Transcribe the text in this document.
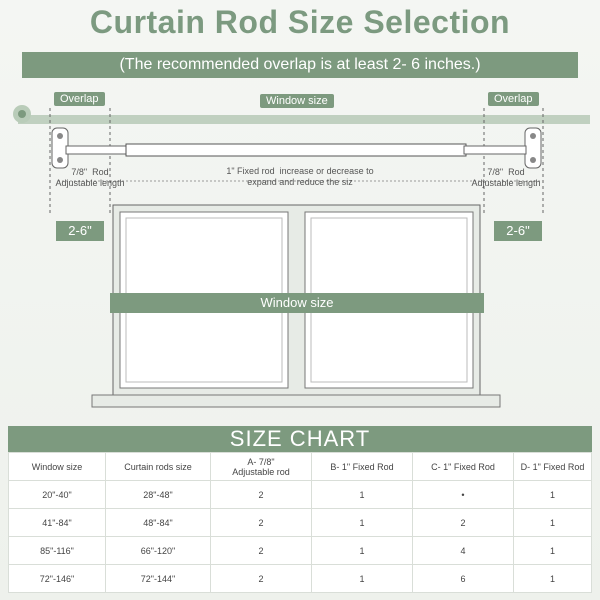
Curtain Rod Size Selection
(The recommended overlap is at least 2- 6 inches.)
Overlap	Window size	Overlap
7/8"  Rod
Adjustable length
1" Fixed rod  increase or decrease to
expand and reduce the siz
7/8"  Rod
Adjustable length
2-6"	2-6"
Window size
SIZE CHART
Window size	Curtain rods size	A- 7/8"
Adjustable rod	B- 1" Fixed Rod	C- 1" Fixed Rod	D- 1" Fixed Rod
20"-40"	28"-48"	2	1	•	1
41"-84"	48"-84"	2	1	2	1
85"-116"	66"-120"	2	1	4	1
72"-146"	72"-144"	2	1	6	1
